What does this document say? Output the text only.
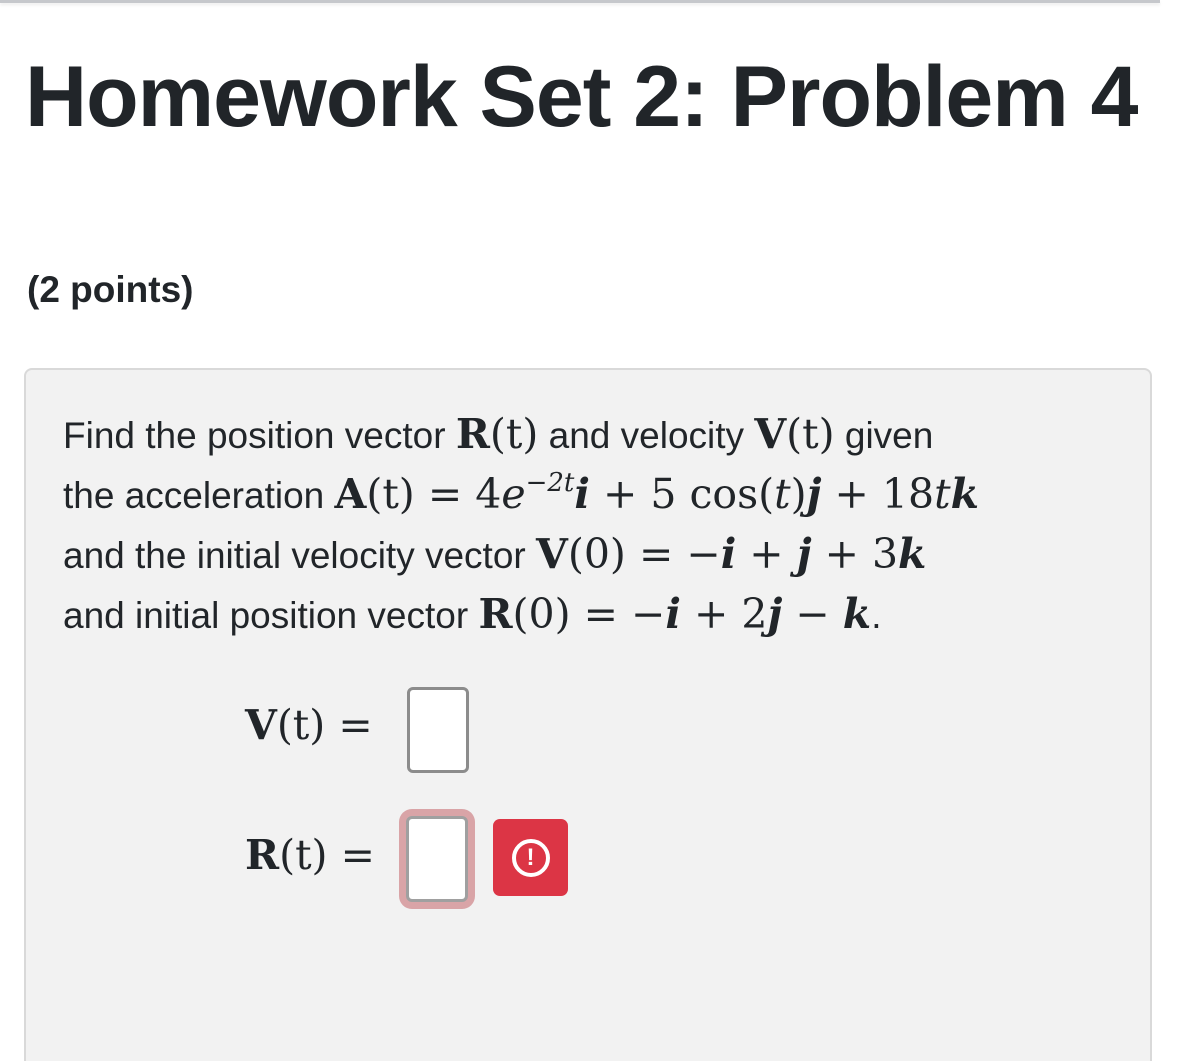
Homework Set 2: Problem 4
(2 points)
Find the position vector R(t) and velocity V(t) given
the acceleration $A(t) = 4e^{-2t}i + 5$ cos(t)j + 18tk
and the initial velocity vector V(0) = −i + j + 3k
and initial position vector R(0) = −i + 2j − k.
V(t) =
R(t) =	!
